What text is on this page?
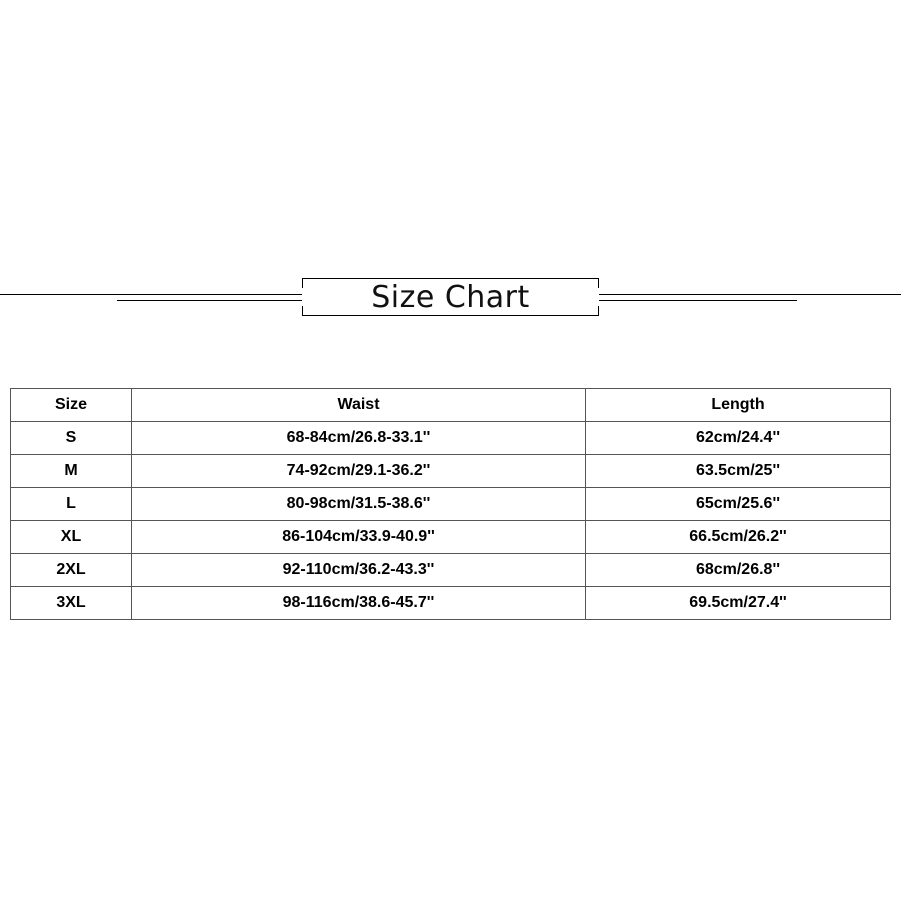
Size Chart
Size	Waist	Length
S	68-84cm/26.8-33.1''	62cm/24.4''
M	74-92cm/29.1-36.2''	63.5cm/25''
L	80-98cm/31.5-38.6''	65cm/25.6''
XL	86-104cm/33.9-40.9''	66.5cm/26.2''
2XL	92-110cm/36.2-43.3''	68cm/26.8''
3XL	98-116cm/38.6-45.7''	69.5cm/27.4''
